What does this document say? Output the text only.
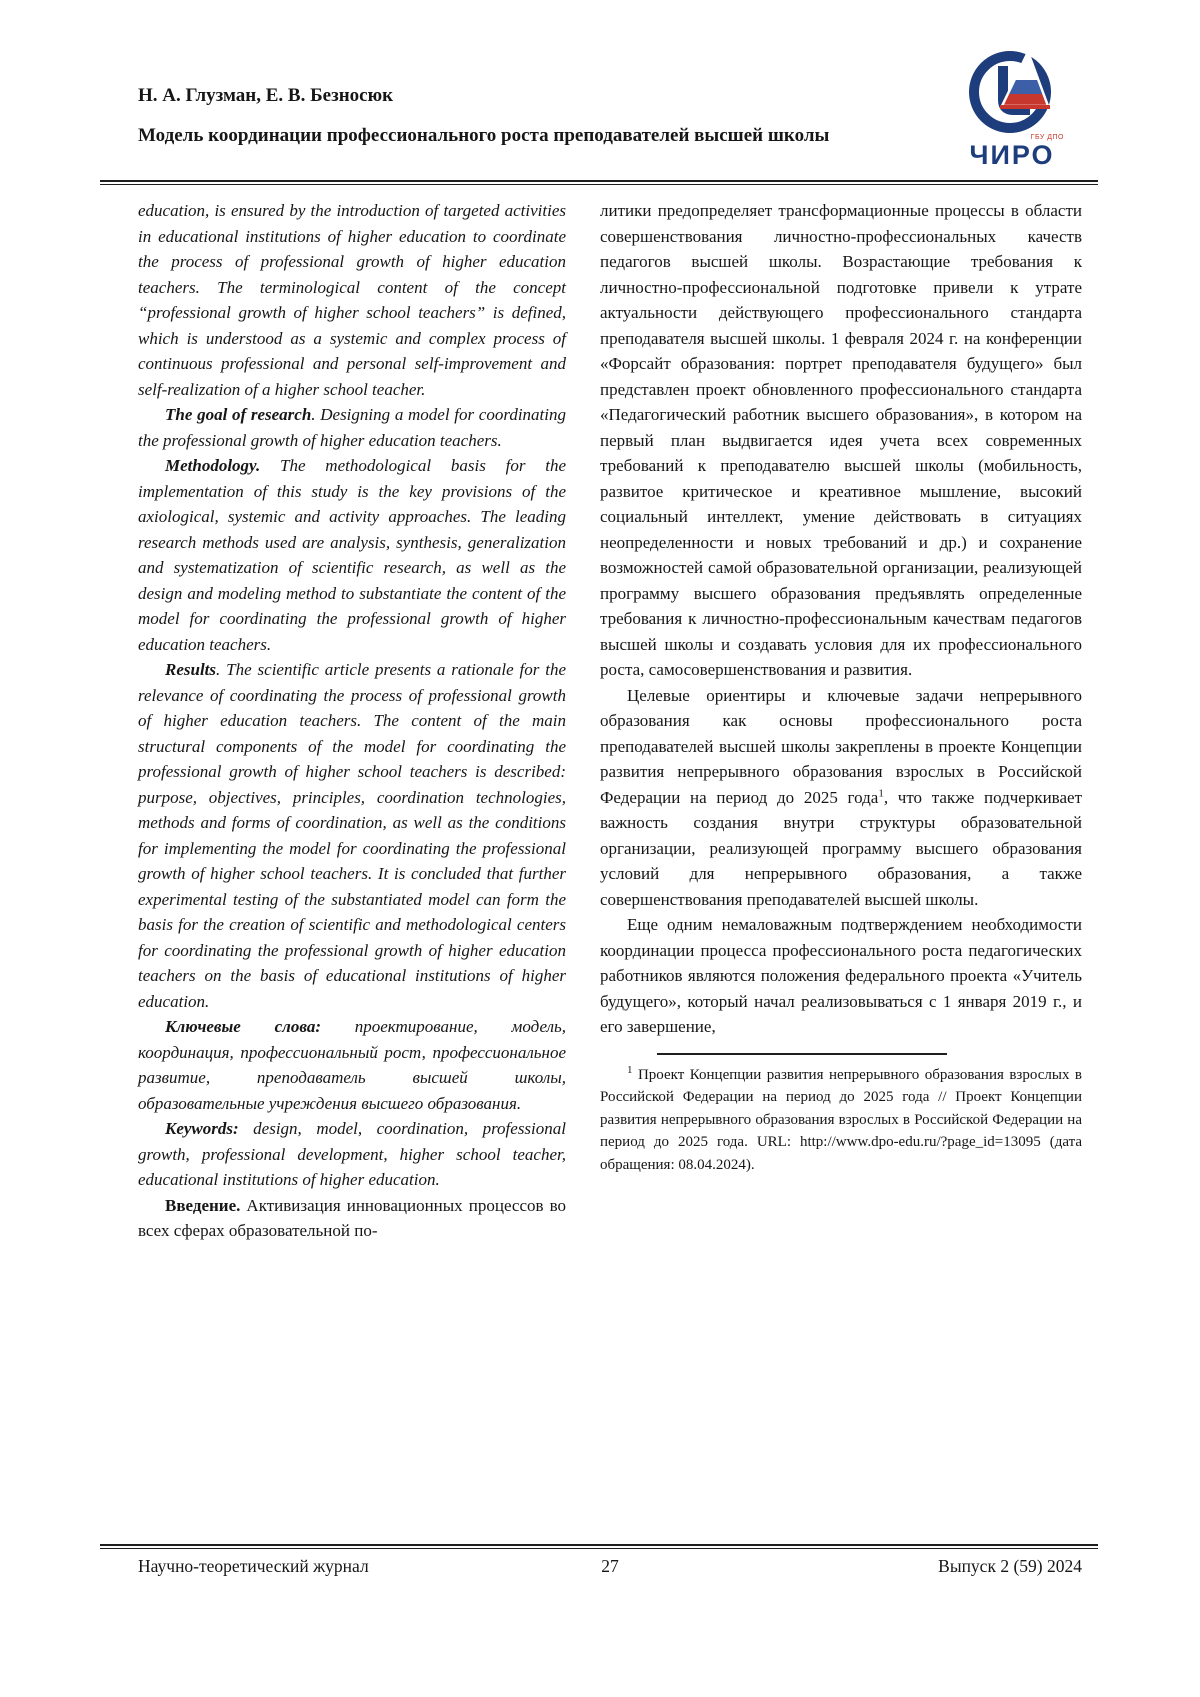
Н. А. Глузман, Е. В. Безносюк
Модель координации профессионального роста преподавателей высшей школы	ГБУ ДПО
ЧИРО

education, is ensured by the introduction of targeted activities in educational institutions of higher education to coordinate the process of professional growth of higher education teachers. The terminological content of the concept “professional growth of higher school teachers” is defined, which is understood as a systemic and complex process of continuous professional and personal self-improvement and self-realization of a higher school teacher.

The goal of research. Designing a model for coordinating the professional growth of higher education teachers.

Methodology. The methodological basis for the implementation of this study is the key provisions of the axiological, systemic and activity approaches. The leading research methods used are analysis, synthesis, generalization and systematization of scientific research, as well as the design and modeling method to substantiate the content of the model for coordinating the professional growth of higher education teachers.

Results. The scientific article presents a rationale for the relevance of coordinating the process of professional growth of higher education teachers. The content of the main structural components of the model for coordinating the professional growth of higher school teachers is described: purpose, objectives, principles, coordination technologies, methods and forms of coordination, as well as the conditions for implementing the model for coordinating the professional growth of higher school teachers. It is concluded that further experimental testing of the substantiated model can form the basis for the creation of scientific and methodological centers for coordinating the professional growth of higher education teachers on the basis of educational institutions of higher education.

Ключевые слова: проектирование, модель, координация, профессиональный рост, профессиональное развитие, преподаватель высшей школы, образовательные учреждения высшего образования.

Keywords: design, model, coordination, professional growth, professional development, higher school teacher, educational institutions of higher education.

Введение. Активизация инновационных процессов во всех сферах образовательной по-

литики предопределяет трансформационные процессы в области совершенствования личностно-профессиональных качеств педагогов высшей школы. Возрастающие требования к личностно-профессиональной подготовке привели к утрате актуальности действующего профессионального стандарта преподавателя высшей школы. 1 февраля 2024 г. на конференции «Форсайт образования: портрет преподавателя будущего» был представлен проект обновленного профессионального стандарта «Педагогический работник высшего образования», в котором на первый план выдвигается идея учета всех современных требований к преподавателю высшей школы (мобильность, развитое критическое и креативное мышление, высокий социальный интеллект, умение действовать в ситуациях неопределенности и новых требований и др.) и сохранение возможностей самой образовательной организации, реализующей программу высшего образования предъявлять определенные требования к личностно-профессиональным качествам педагогов высшей школы и создавать условия для их профессионального роста, самосовершенствования и развития.

Целевые ориентиры и ключевые задачи непрерывного образования как основы профессионального роста преподавателей высшей школы закреплены в проекте Концепции развития непрерывного образования взрослых в Российской Федерации на период до 2025 года$^1$, что также подчеркивает важность создания внутри структуры образовательной организации, реализующей программу высшего образования условий для непрерывного образования, а также совершенствования преподавателей высшей школы.

Еще одним немаловажным подтверждением необходимости координации процесса профессионального роста педагогических работников являются положения федерального проекта «Учитель будущего», который начал реализовываться с 1 января 2019 г., и его завершение,

$^1$ Проект Концепции развития непрерывного образования взрослых в Российской Федерации на период до 2025 года // Проект Концепции развития непрерывного образования взрослых в Российской Федерации на период до 2025 года. URL: http://www.dpo-edu.ru/?page_id=13095 (дата обращения: 08.04.2024).

Научно-теоретический журнал	27	Выпуск 2 (59) 2024
